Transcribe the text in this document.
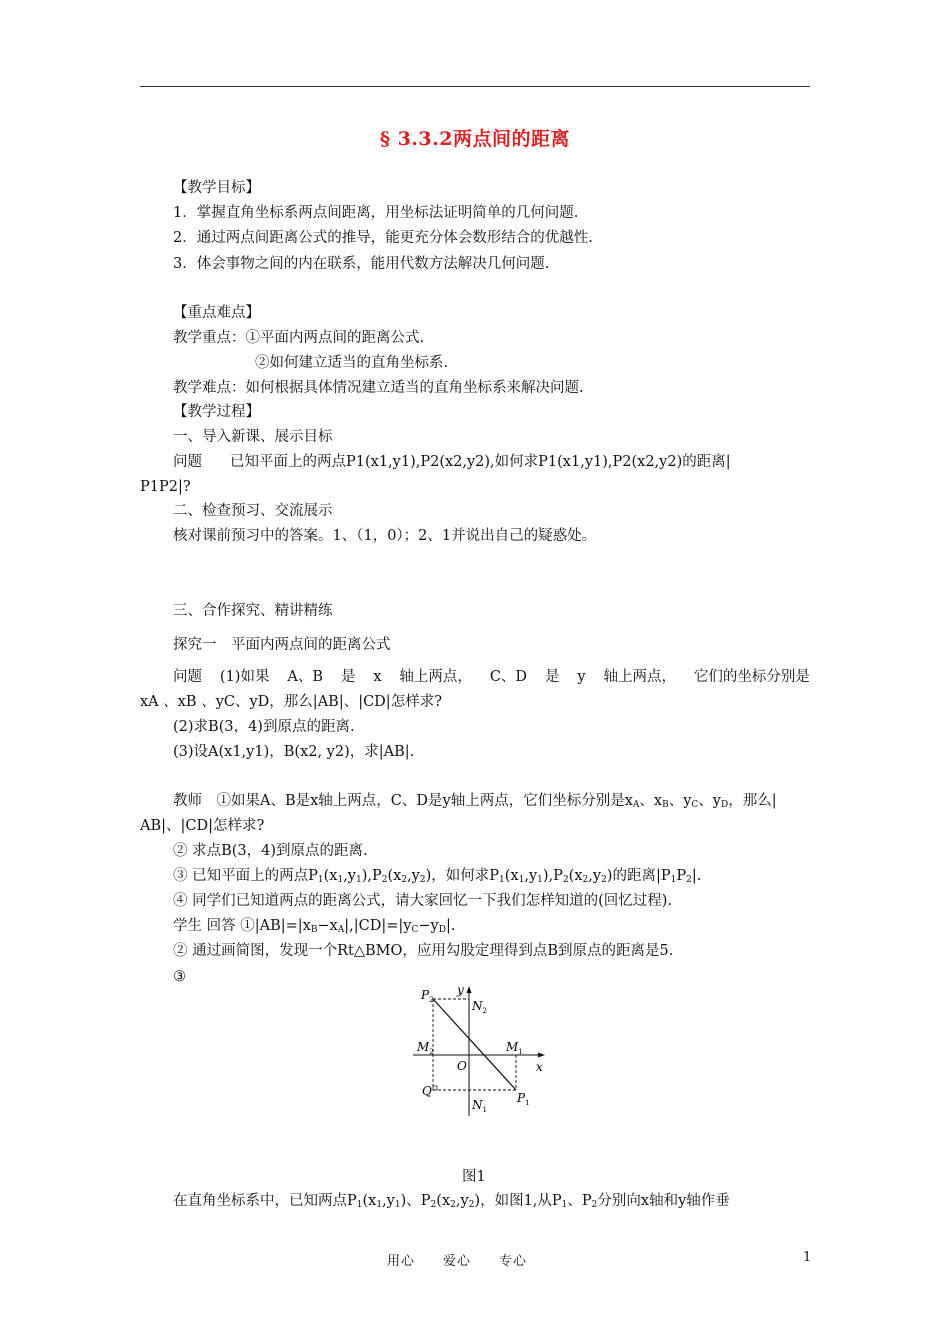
§ 3.3.2两点间的距离
【教学目标】
1．掌握直角坐标系两点间距离，用坐标法证明简单的几何问题.
2．通过两点间距离公式的推导，能更充分体会数形结合的优越性.
3．体会事物之间的内在联系，能用代数方法解决几何问题.
【重点难点】
教学重点：①平面内两点间的距离公式.
②如何建立适当的直角坐标系.
教学难点：如何根据具体情况建立适当的直角坐标系来解决问题.
【教学过程】
一、导入新课、展示目标
问题 已知平面上的两点P1(x1,y1),P2(x2,y2),如何求P1(x1,y1),P2(x2,y2)的距离|
P1P2|?
二、检查预习、交流展示
核对课前预习中的答案。1、（1，0）；2、1并说出自己的疑惑处。
三、合作探究、精讲精练
探究一　平面内两点间的距离公式
问题 (1)如果 A、B 是 x 轴上两点， C、D 是 y 轴上两点， 它们的坐标分别是
xA 、xB 、yC、yD，那么|AB|、|CD|怎样求?
(2)求B(3，4)到原点的距离.
(3)设A(x1,y1)，B(x2, y2)，求|AB|.
教师　①如果A、B是x轴上两点，C、D是y轴上两点，它们坐标分别是$x_A$、$x_B$、$y_C$、$y_D$，那么|
AB|、|CD|怎样求?
② 求点B(3，4)到原点的距离.
③ 已知平面上的两点$P_1(x_1,y_1),P_2(x_2,y_2)$，如何求$P_1(x_1,y_1),P_2(x_2,y_2)$的距离$|P_1P_2|$.
④ 同学们已知道两点的距离公式，请大家回忆一下我们怎样知道的(回忆过程).
学生 回答 $①|AB|=|x_B-x_A|,|CD|=|y_C-y_D|$.
② 通过画简图，发现一个Rt△BMO，应用勾股定理得到点B到原点的距离是5.
③
y
x
$P_2$	$N_2$
$M_2$	$M_1$
O
Q	$P_1$
$N_1$
图1
在直角坐标系中，已知两点$P_1(x_1,y_1)$、$P_2(x_2,y_2)$，如图1,从$P_1$、$P_2$分别向x轴和y轴作垂
用心　　爱心　　专心	1
